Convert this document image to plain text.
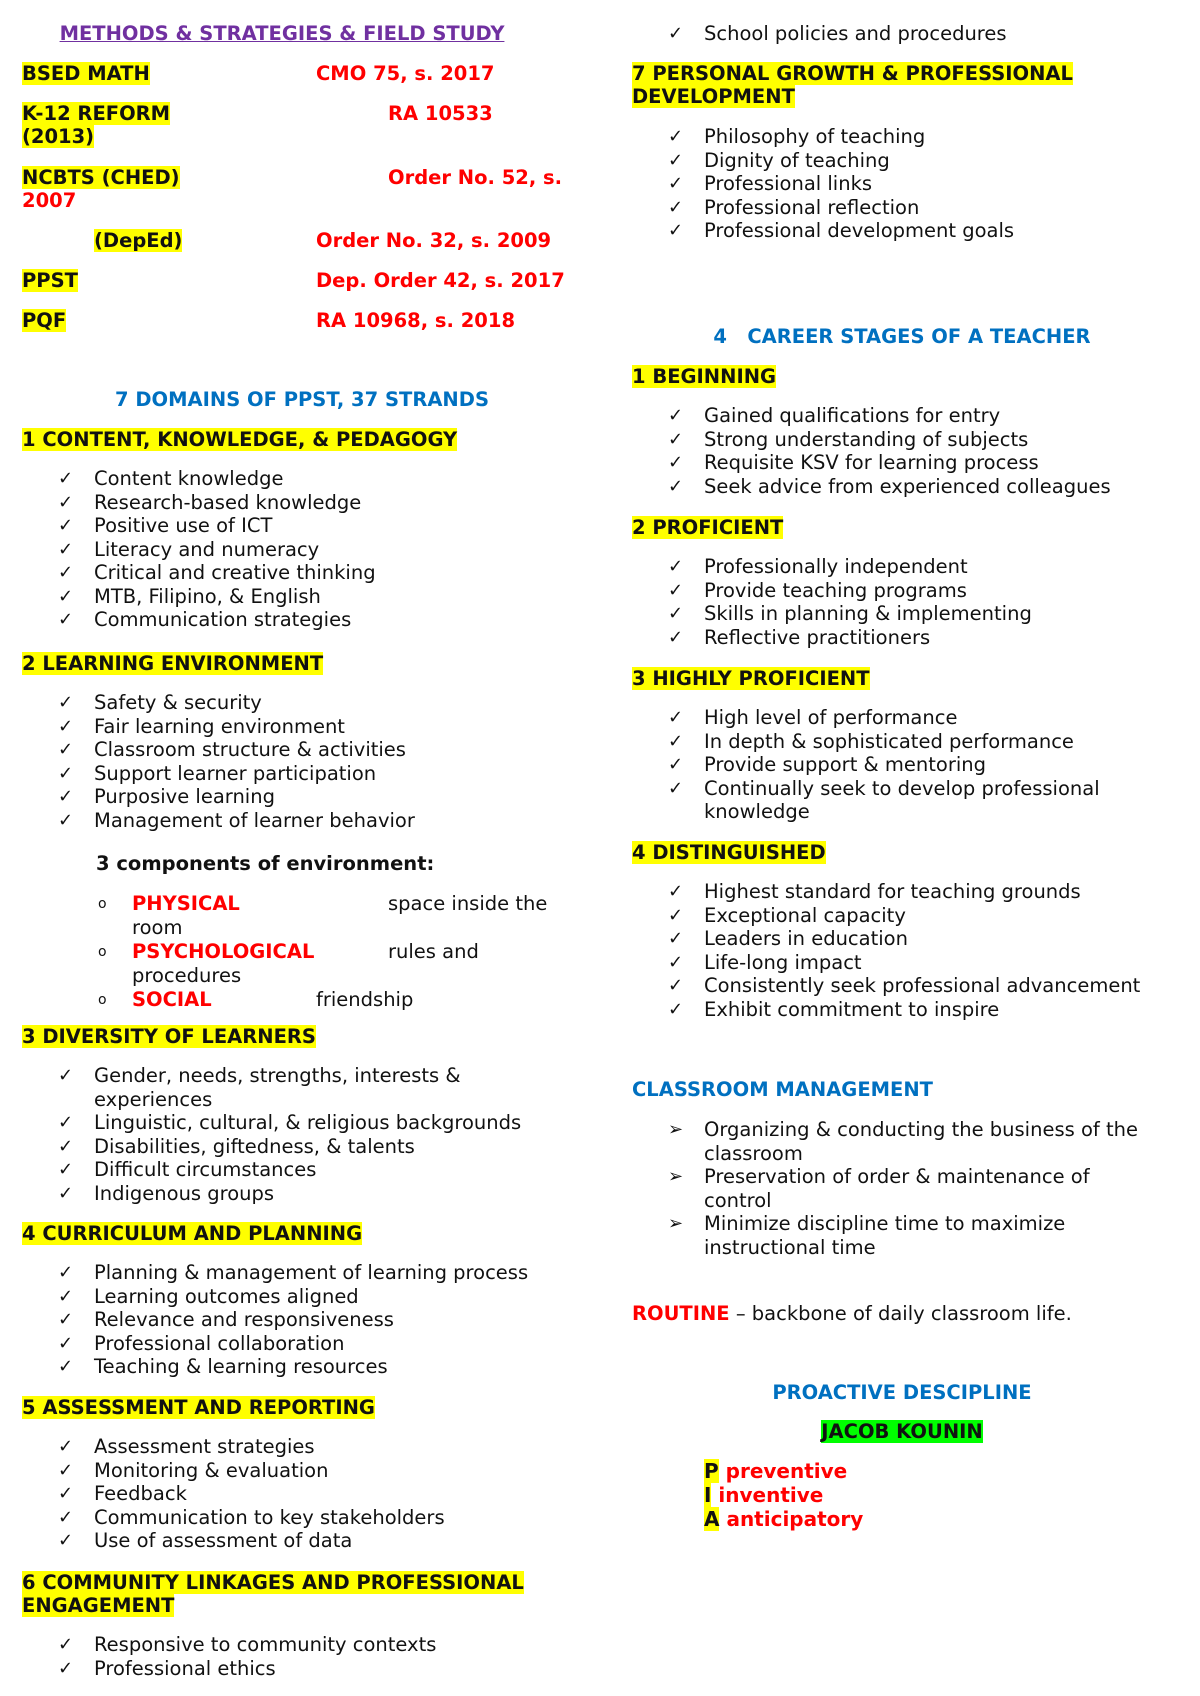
METHODS & STRATEGIES & FIELD STUDY
BSED MATH	CMO 75, s. 2017
K-12 REFORM	RA 10533
(2013)
NCBTS (CHED)	Order No. 52, s.
2007
(DepEd)	Order No. 32, s. 2009
PPST	Dep. Order 42, s. 2017
PQF	RA 10968, s. 2018
7 DOMAINS OF PPST, 37 STRANDS
1 CONTENT, KNOWLEDGE, & PEDAGOGY
✓ Content knowledge
✓ Research-based knowledge
✓ Positive use of ICT
✓ Literacy and numeracy
✓ Critical and creative thinking
✓ MTB, Filipino, & English
✓ Communication strategies
2 LEARNING ENVIRONMENT
✓ Safety & security
✓ Fair learning environment
✓ Classroom structure & activities
✓ Support learner participation
✓ Purposive learning
✓ Management of learner behavior
3 components of environment:
o PHYSICAL	space inside the
room
o PSYCHOLOGICAL	rules and
procedures
o SOCIAL	friendship
3 DIVERSITY OF LEARNERS
✓ Gender, needs, strengths, interests &
experiences
✓ Linguistic, cultural, & religious backgrounds
✓ Disabilities, giftedness, & talents
✓ Difficult circumstances
✓ Indigenous groups
4 CURRICULUM AND PLANNING
✓ Planning & management of learning process
✓ Learning outcomes aligned
✓ Relevance and responsiveness
✓ Professional collaboration
✓ Teaching & learning resources
5 ASSESSMENT AND REPORTING
✓ Assessment strategies
✓ Monitoring & evaluation
✓ Feedback
✓ Communication to key stakeholders
✓ Use of assessment of data
6 COMMUNITY LINKAGES AND PROFESSIONAL
ENGAGEMENT
✓ Responsive to community contexts
✓ Professional ethics
✓ School policies and procedures
7 PERSONAL GROWTH & PROFESSIONAL
DEVELOPMENT
✓ Philosophy of teaching
✓ Dignity of teaching
✓ Professional links
✓ Professional reflection
✓ Professional development goals
4   CAREER STAGES OF A TEACHER
1 BEGINNING
✓ Gained qualifications for entry
✓ Strong understanding of subjects
✓ Requisite KSV for learning process
✓ Seek advice from experienced colleagues
2 PROFICIENT
✓ Professionally independent
✓ Provide teaching programs
✓ Skills in planning & implementing
✓ Reflective practitioners
3 HIGHLY PROFICIENT
✓ High level of performance
✓ In depth & sophisticated performance
✓ Provide support & mentoring
✓ Continually seek to develop professional
knowledge
4 DISTINGUISHED
✓ Highest standard for teaching grounds
✓ Exceptional capacity
✓ Leaders in education
✓ Life-long impact
✓ Consistently seek professional advancement
✓ Exhibit commitment to inspire
CLASSROOM MANAGEMENT
➢ Organizing & conducting the business of the
classroom
➢ Preservation of order & maintenance of
control
➢ Minimize discipline time to maximize
instructional time
ROUTINE – backbone of daily classroom life.
PROACTIVE DESCIPLINE
JACOB KOUNIN
P preventive
I inventive
A anticipatory
